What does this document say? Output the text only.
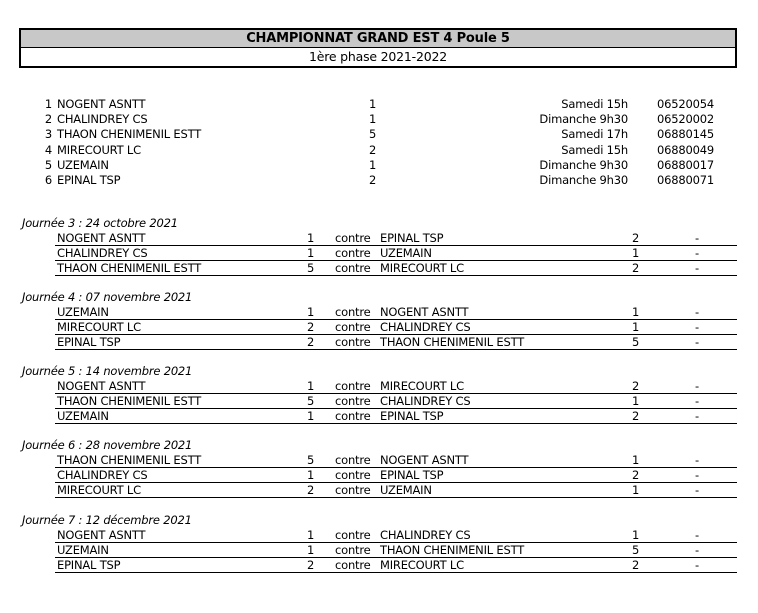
CHAMPIONNAT GRAND EST 4 Poule 5
1ère phase 2021-2022
1 NOGENT ASNTT	1	Samedi 15h	06520054
2 CHALINDREY CS	1	Dimanche 9h30	06520002
3 THAON CHENIMENIL ESTT	5	Samedi 17h	06880145
4 MIRECOURT LC	2	Samedi 15h	06880049
5 UZEMAIN	1	Dimanche 9h30	06880017
6 EPINAL TSP	2	Dimanche 9h30	06880071
Journée 3 : 24 octobre 2021
NOGENT ASNTT	1 contre EPINAL TSP	2	-
CHALINDREY CS	1 contre UZEMAIN	1	-
THAON CHENIMENIL ESTT	5 contre MIRECOURT LC	2	-
Journée 4 : 07 novembre 2021
UZEMAIN	1 contre NOGENT ASNTT	1	-
MIRECOURT LC	2 contre CHALINDREY CS	1	-
EPINAL TSP	2 contre THAON CHENIMENIL ESTT	5	-
Journée 5 : 14 novembre 2021
NOGENT ASNTT	1 contre MIRECOURT LC	2	-
THAON CHENIMENIL ESTT	5 contre CHALINDREY CS	1	-
UZEMAIN	1 contre EPINAL TSP	2	-
Journée 6 : 28 novembre 2021
THAON CHENIMENIL ESTT	5 contre NOGENT ASNTT	1	-
CHALINDREY CS	1 contre EPINAL TSP	2	-
MIRECOURT LC	2 contre UZEMAIN	1	-
Journée 7 : 12 décembre 2021
NOGENT ASNTT	1 contre CHALINDREY CS	1	-
UZEMAIN	1 contre THAON CHENIMENIL ESTT	5	-
EPINAL TSP	2 contre MIRECOURT LC	2	-
